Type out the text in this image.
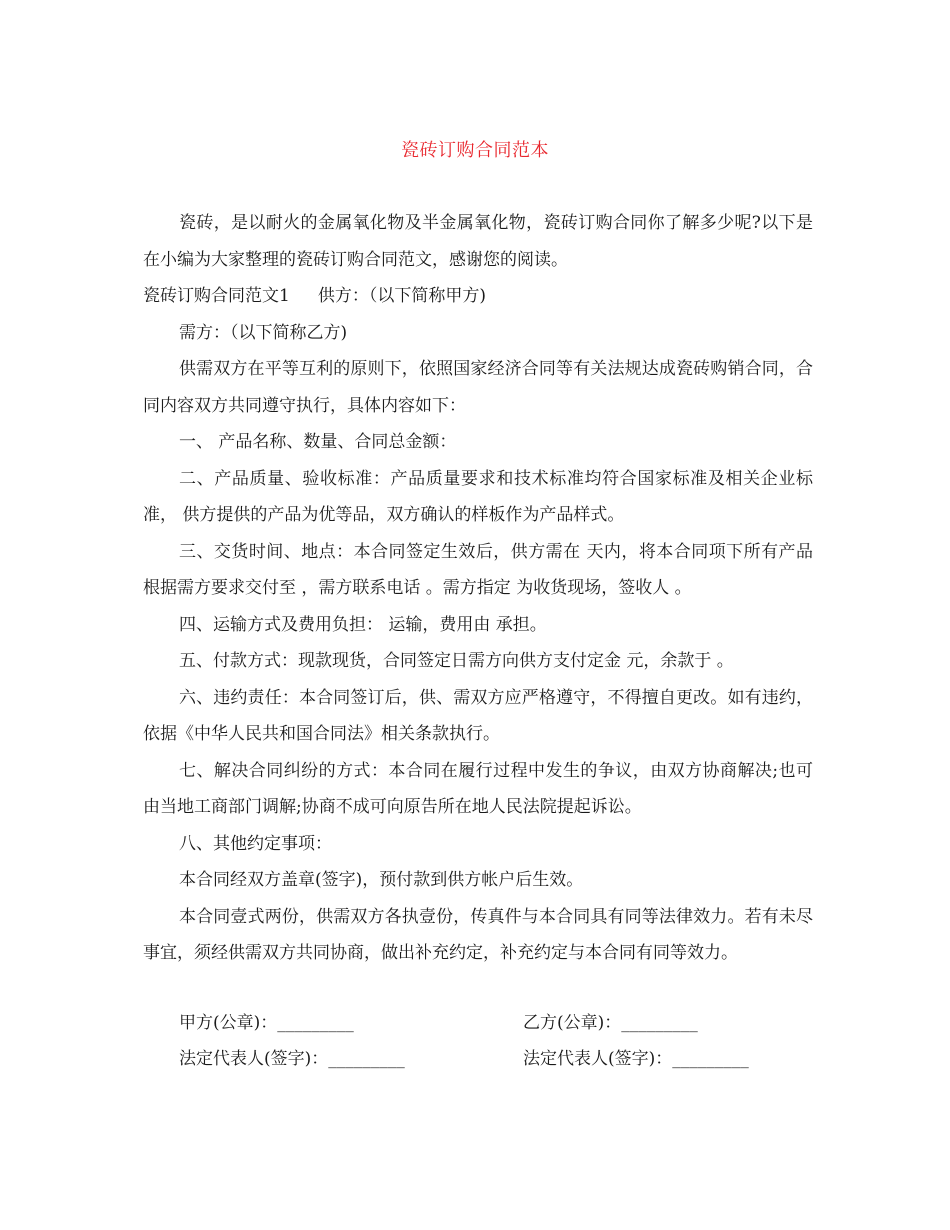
瓷砖订购合同范本

瓷砖，是以耐火的金属氧化物及半金属氧化物，瓷砖订购合同你了解多少呢?以下是在小编为大家整理的瓷砖订购合同范文，感谢您的阅读。

瓷砖订购合同范文1 供方：（以下简称甲方)

需方：（以下简称乙方)

供需双方在平等互利的原则下，依照国家经济合同等有关法规达成瓷砖购销合同，合同内容双方共同遵守执行，具体内容如下：

一、 产品名称、数量、合同总金额：

二、产品质量、验收标准：产品质量要求和技术标准均符合国家标准及相关企业标准， 供方提供的产品为优等品，双方确认的样板作为产品样式。

三、交货时间、地点：本合同签定生效后，供方需在 天内，将本合同项下所有产品根据需方要求交付至 ，需方联系电话 。需方指定 为收货现场，签收人 。

四、运输方式及费用负担： 运输，费用由 承担。

五、付款方式：现款现货，合同签定日需方向供方支付定金 元，余款于 。

六、违约责任：本合同签订后，供、需双方应严格遵守，不得擅自更改。如有违约，依据《中华人民共和国合同法》相关条款执行。

七、解决合同纠纷的方式：本合同在履行过程中发生的争议，由双方协商解决;也可由当地工商部门调解;协商不成可向原告所在地人民法院提起诉讼。

八、其他约定事项：

本合同经双方盖章(签字)，预付款到供方帐户后生效。

本合同壹式两份，供需双方各执壹份，传真件与本合同具有同等法律效力。若有未尽事宜，须经供需双方共同协商，做出补充约定，补充约定与本合同有同等效力。

甲方(公章)：_________	乙方(公章)：_________
法定代表人(签字)：_________	法定代表人(签字)：_________
